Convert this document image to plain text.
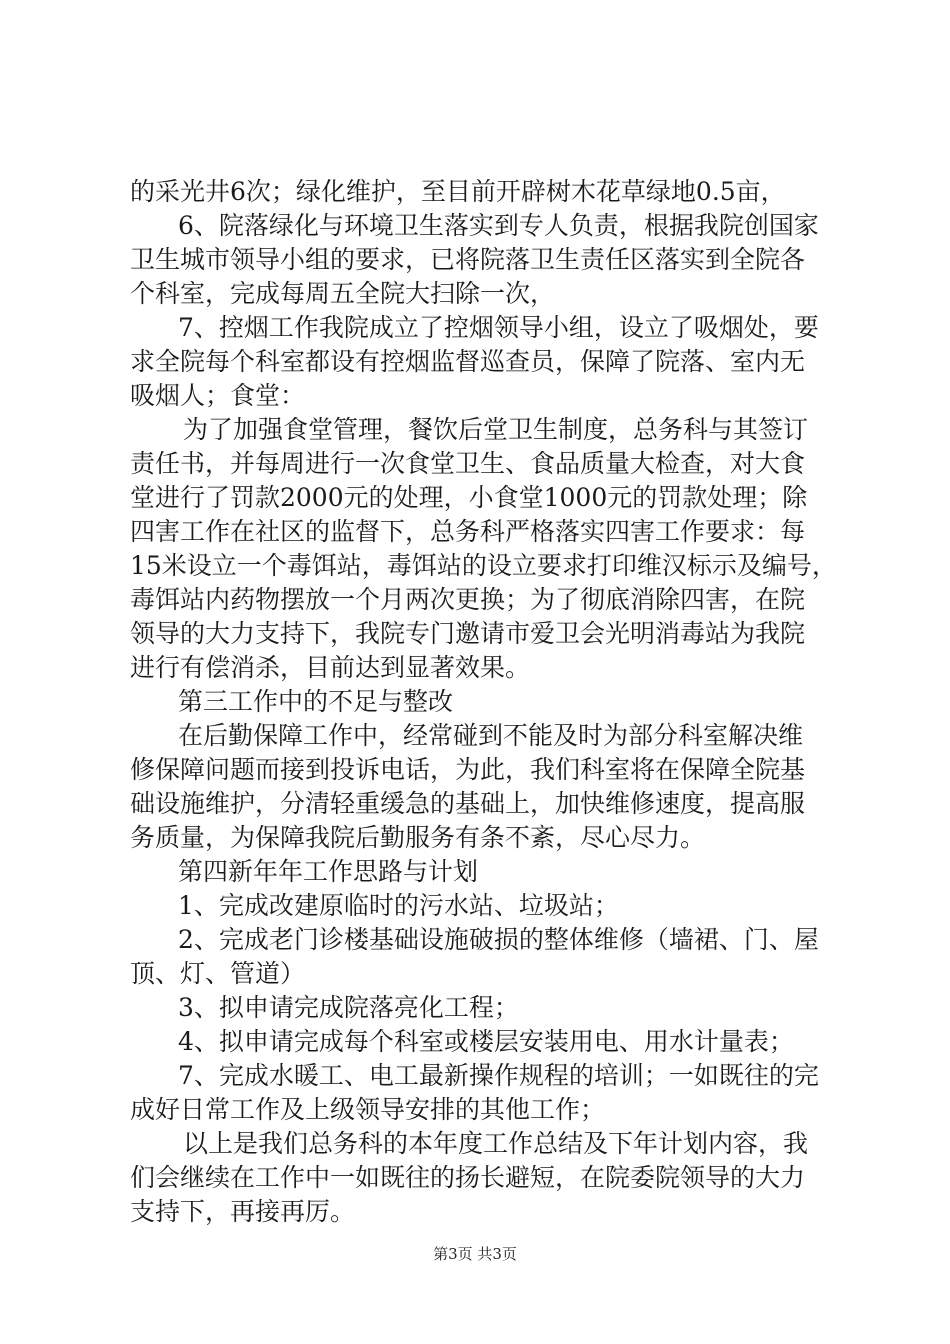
的采光井6次；绿化维护，至目前开辟树木花草绿地0.5亩，
6、院落绿化与环境卫生落实到专人负责，根据我院创国家
卫生城市领导小组的要求，已将院落卫生责任区落实到全院各
个科室，完成每周五全院大扫除一次，
7、控烟工作我院成立了控烟领导小组，设立了吸烟处，要
求全院每个科室都设有控烟监督巡查员，保障了院落、室内无
吸烟人；食堂：
为了加强食堂管理，餐饮后堂卫生制度，总务科与其签订
责任书，并每周进行一次食堂卫生、食品质量大检查，对大食
堂进行了罚款2000元的处理，小食堂1000元的罚款处理；除
四害工作在社区的监督下，总务科严格落实四害工作要求：每
15米设立一个毒饵站，毒饵站的设立要求打印维汉标示及编号，
毒饵站内药物摆放一个月两次更换；为了彻底消除四害，在院
领导的大力支持下，我院专门邀请市爱卫会光明消毒站为我院
进行有偿消杀，目前达到显著效果。
第三工作中的不足与整改
在后勤保障工作中，经常碰到不能及时为部分科室解决维
修保障问题而接到投诉电话，为此，我们科室将在保障全院基
础设施维护，分清轻重缓急的基础上，加快维修速度，提高服
务质量，为保障我院后勤服务有条不紊，尽心尽力。
第四新年年工作思路与计划
1、完成改建原临时的污水站、垃圾站；
2、完成老门诊楼基础设施破损的整体维修（墙裙、门、屋
顶、灯、管道）
3、拟申请完成院落亮化工程；
4、拟申请完成每个科室或楼层安装用电、用水计量表；
7、完成水暖工、电工最新操作规程的培训；一如既往的完
成好日常工作及上级领导安排的其他工作；
以上是我们总务科的本年度工作总结及下年计划内容，我
们会继续在工作中一如既往的扬长避短，在院委院领导的大力
支持下，再接再厉。
第3页 共3页
